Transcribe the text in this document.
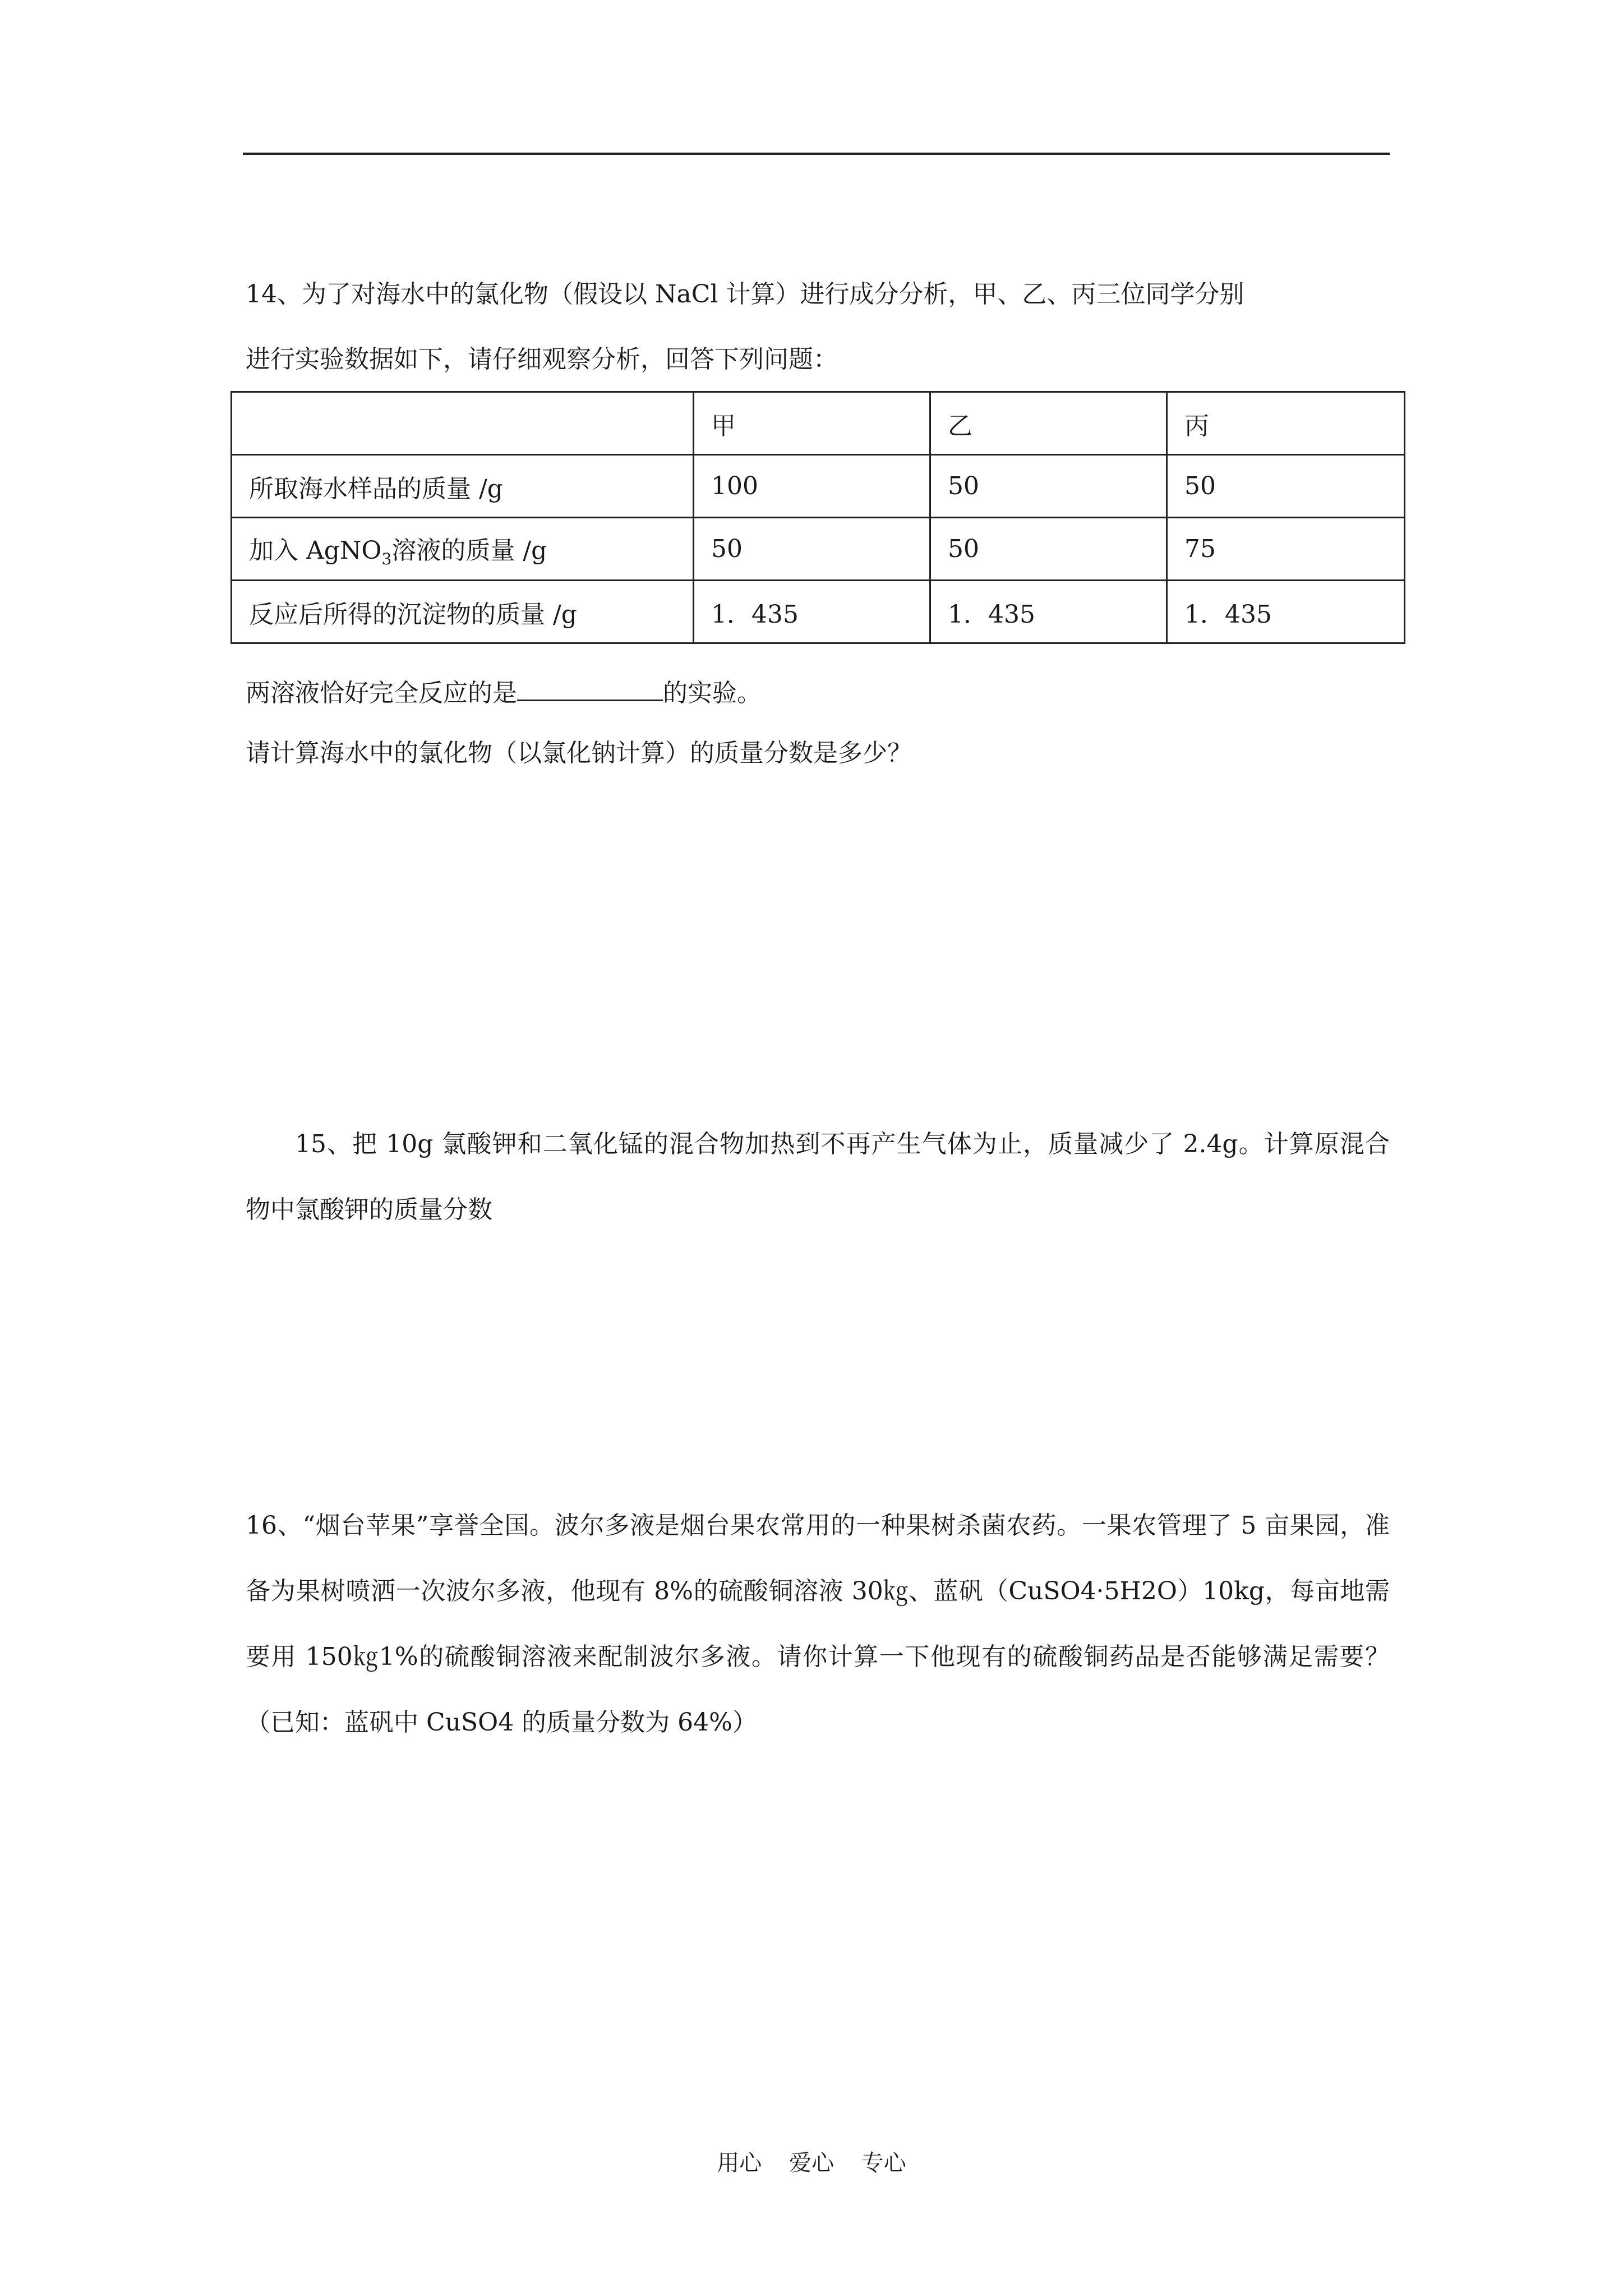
14、为了对海水中的氯化物（假设以 NaCl 计算）进行成分分析，甲、乙、丙三位同学分别

进行实验数据如下，请仔细观察分析，回答下列问题：

	甲	乙	丙
所取海水样品的质量 /g	100	50	50
加入 AgNO$_3$溶液的质量 /g	50	50	75
反应后所得的沉淀物的质量 /g	1．435	1．435	1．435

两溶液恰好完全反应的是	的实验。

请计算海水中的氯化物（以氯化钠计算）的质量分数是多少？

15、把 10g 氯酸钾和二氧化锰的混合物加热到不再产生气体为止，质量减少了 2.4g。计算原混合物中氯酸钾的质量分数

16、“烟台苹果”享誉全国。波尔多液是烟台果农常用的一种果树杀菌农药。一果农管理了 5 亩果园，准备为果树喷洒一次波尔多液，他现有 8%的硫酸铜溶液 30㎏、蓝矾（CuSO4·5H2O）10kg，每亩地需要用 150㎏1%的硫酸铜溶液来配制波尔多液。请你计算一下他现有的硫酸铜药品是否能够满足需要？（已知：蓝矾中 CuSO4 的质量分数为 64%）

用心 爱心 专心
